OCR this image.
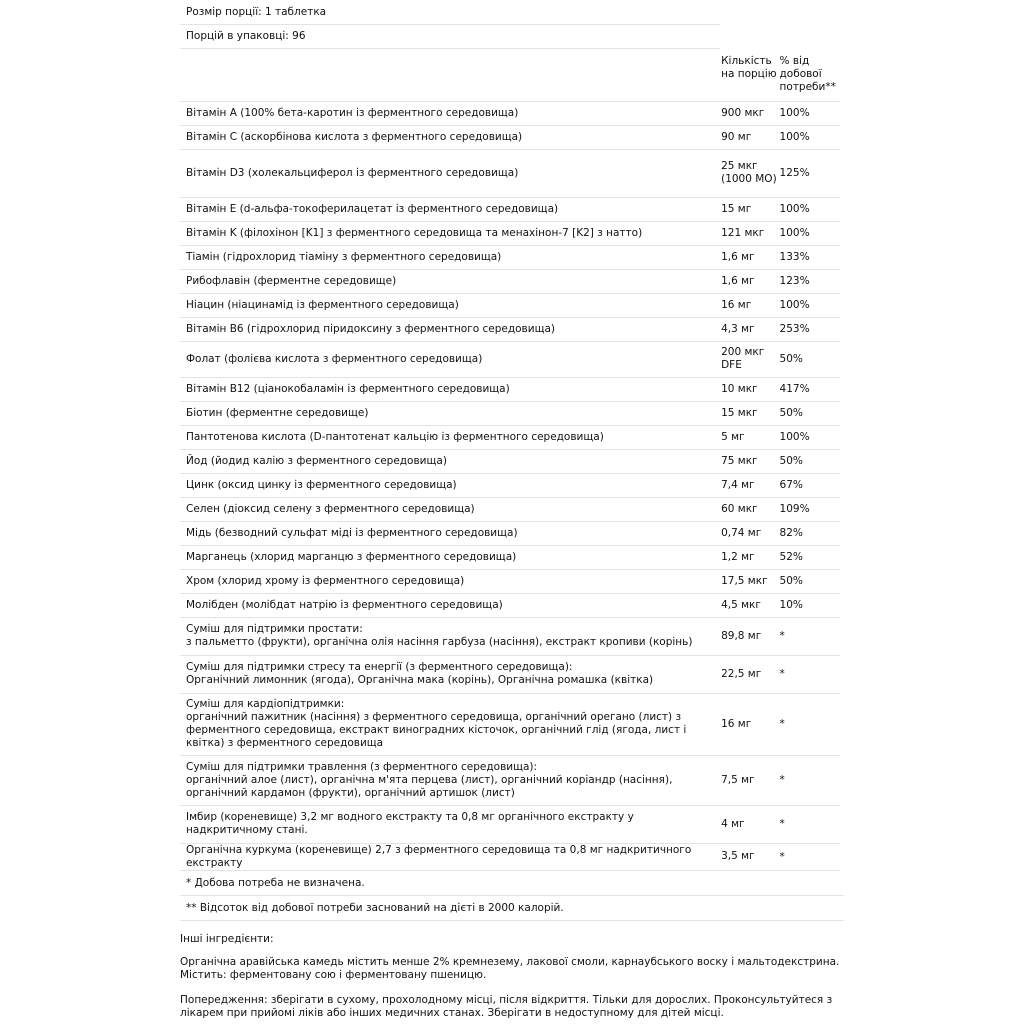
Розмір порції: 1 таблетка
Порцій в упаковці: 96
	Кількість на порцію	% від добової потреби**
Вітамін A (100% бета-каротин із ферментного середовища)	900 мкг	100%
Вітамін C (аскорбінова кислота з ферментного середовища)	90 мг	100%
Вітамін D3 (холекальциферол із ферментного середовища)	25 мкг (1000 МО)	125%
Вітамін E (d-альфа-токоферилацетат із ферментного середовища)	15 мг	100%
Вітамін K (філохінон [K1] з ферментного середовища та менахінон-7 [K2] з натто)	121 мкг	100%
Тіамін (гідрохлорид тіаміну з ферментного середовища)	1,6 мг	133%
Рибофлавін (ферментне середовище)	1,6 мг	123%
Ніацин (ніацинамід із ферментного середовища)	16 мг	100%
Вітамін B6 (гідрохлорид піридоксину з ферментного середовища)	4,3 мг	253%
Фолат (фолієва кислота з ферментного середовища)	200 мкг DFE	50%
Вітамін B12 (ціанокобаламін із ферментного середовища)	10 мкг	417%
Біотин (ферментне середовище)	15 мкг	50%
Пантотенова кислота (D-пантотенат кальцію із ферментного середовища)	5 мг	100%
Йод (йодид калію з ферментного середовища)	75 мкг	50%
Цинк (оксид цинку із ферментного середовища)	7,4 мг	67%
Селен (діоксид селену з ферментного середовища)	60 мкг	109%
Мідь (безводний сульфат міді із ферментного середовища)	0,74 мг	82%
Марганець (хлорид марганцю з ферментного середовища)	1,2 мг	52%
Хром (хлорид хрому із ферментного середовища)	17,5 мкг	50%
Молібден (молібдат натрію із ферментного середовища)	4,5 мкг	10%

Суміш для підтримки простати:
з пальметто (фрукти), органічна олія насіння гарбуза (насіння), екстракт кропиви (корінь)	89,8 мг	*

Суміш для підтримки стресу та енергії (з ферментного середовища):
Органічний лимонник (ягода), Органічна мака (корінь), Органічна ромашка (квітка)	22,5 мг	*

Суміш для кардіопідтримки:
органічний пажитник (насіння) з ферментного середовища, органічний орегано (лист) з ферментного середовища, екстракт виноградних кісточок, органічний глід (ягода, лист і квітка) з ферментного середовища	16 мг	*

Суміш для підтримки травлення (з ферментного середовища):
органічний алое (лист), органічна м'ята перцева (лист), органічний коріандр (насіння), органічний кардамон (фрукти), органічний артишок (лист)	7,5 мг	*
Імбир (кореневище) 3,2 мг водного екстракту та 0,8 мг органічного екстракту у надкритичному стані.	4 мг	*
Органічна куркума (кореневище) 2,7 з ферментного середовища та 0,8 мг надкритичного екстракту	3,5 мг	*
* Добова потреба не визначена.
** Відсоток від добової потреби заснований на дієті в 2000 калорій.
Інші інгредієнти:
Органічна аравійська камедь містить менше 2% кремнезему, лакової смоли, карнаубського воску і мальтодекстрина. Містить: ферментовану сою і ферментовану пшеницю.
Попередження: зберігати в сухому, прохолодному місці, після відкриття. Тільки для дорослих. Проконсультуйтеся з лікарем при прийомі ліків або інших медичних станах. Зберігати в недоступному для дітей місці.
